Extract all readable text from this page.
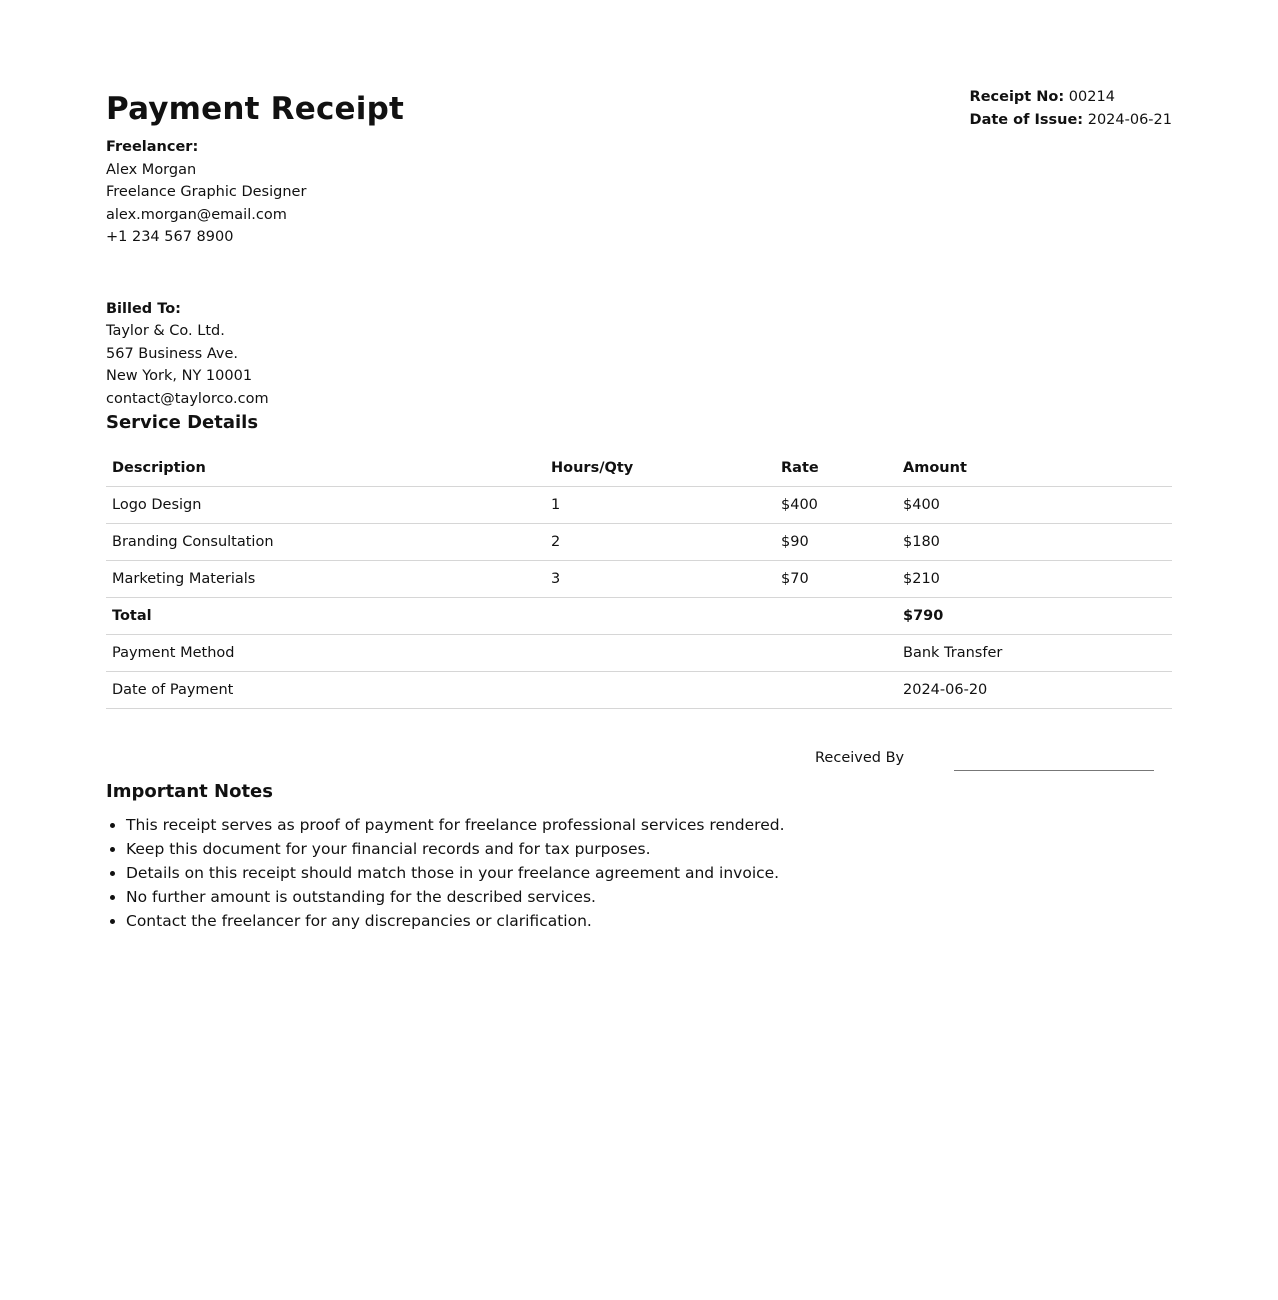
Receipt No: 00214
Date of Issue: 2024-06-21
Payment Receipt
Freelancer:
Alex Morgan
Freelance Graphic Designer
alex.morgan@email.com
+1 234 567 8900
Billed To:
Taylor & Co. Ltd.
567 Business Ave.
New York, NY 10001
contact@taylorco.com
Service Details
Description	Hours/Qty	Rate	Amount
Logo Design	1	$400	$400
Branding Consultation	2	$90	$180
Marketing Materials	3	$70	$210
Total			$790
Payment Method			Bank Transfer
Date of Payment			2024-06-20
Received By
Important Notes
• This receipt serves as proof of payment for freelance professional services rendered.
• Keep this document for your financial records and for tax purposes.
• Details on this receipt should match those in your freelance agreement and invoice.
• No further amount is outstanding for the described services.
• Contact the freelancer for any discrepancies or clarification.
